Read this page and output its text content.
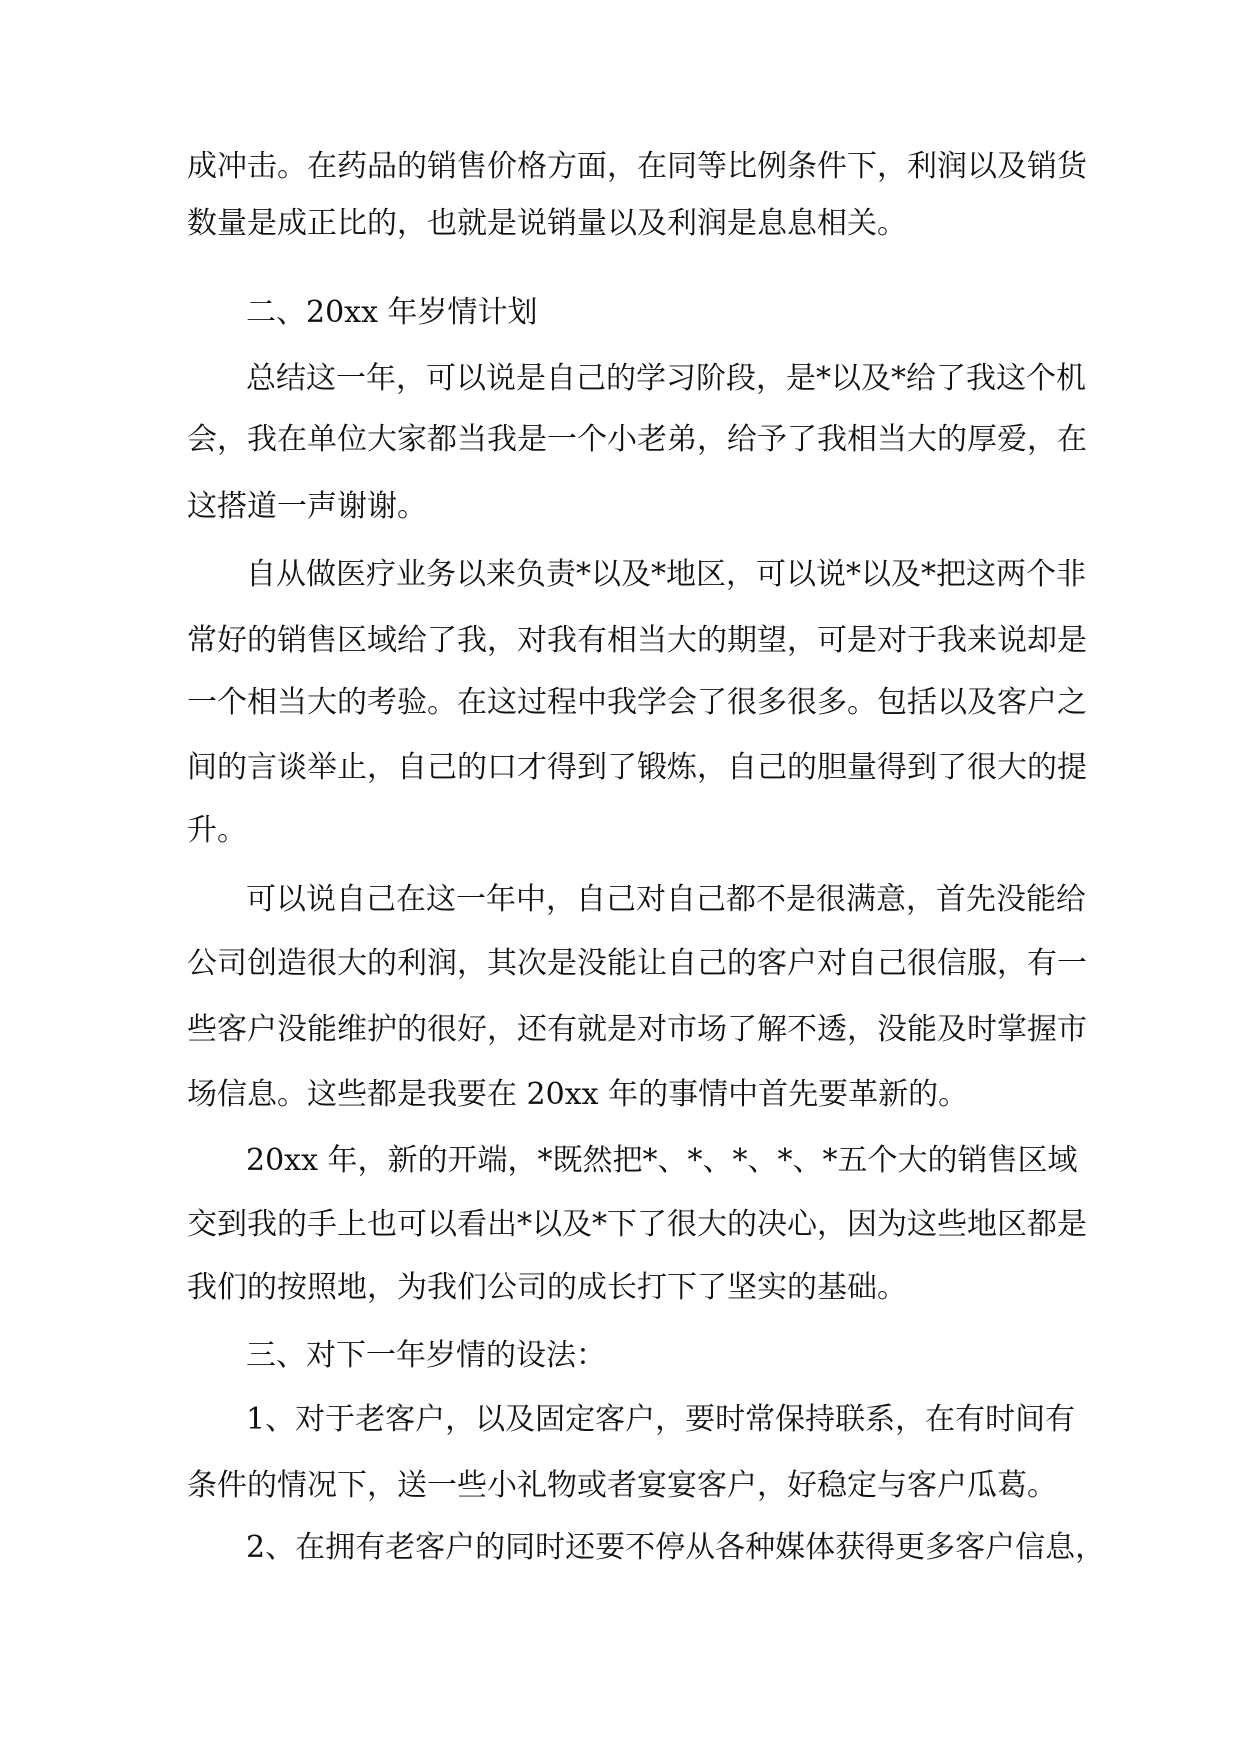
成冲击。在药品的销售价格方面，在同等比例条件下，利润以及销货
数量是成正比的，也就是说销量以及利润是息息相关。
二、20xx 年岁情计划
总结这一年，可以说是自己的学习阶段，是*以及*给了我这个机
会，我在单位大家都当我是一个小老弟，给予了我相当大的厚爱，在
这搭道一声谢谢。
自从做医疗业务以来负责*以及*地区，可以说*以及*把这两个非
常好的销售区域给了我，对我有相当大的期望，可是对于我来说却是
一个相当大的考验。在这过程中我学会了很多很多。包括以及客户之
间的言谈举止，自己的口才得到了锻炼，自己的胆量得到了很大的提
升。
可以说自己在这一年中，自己对自己都不是很满意，首先没能给
公司创造很大的利润，其次是没能让自己的客户对自己很信服，有一
些客户没能维护的很好，还有就是对市场了解不透，没能及时掌握市
场信息。这些都是我要在 20xx 年的事情中首先要革新的。
20xx 年，新的开端，*既然把*、*、*、*、*五个大的销售区域
交到我的手上也可以看出*以及*下了很大的决心，因为这些地区都是
我们的按照地，为我们公司的成长打下了坚实的基础。
三、对下一年岁情的设法：
1、对于老客户，以及固定客户，要时常保持联系，在有时间有
条件的情况下，送一些小礼物或者宴宴客户，好稳定与客户瓜葛。
2、在拥有老客户的同时还要不停从各种媒体获得更多客户信息，
